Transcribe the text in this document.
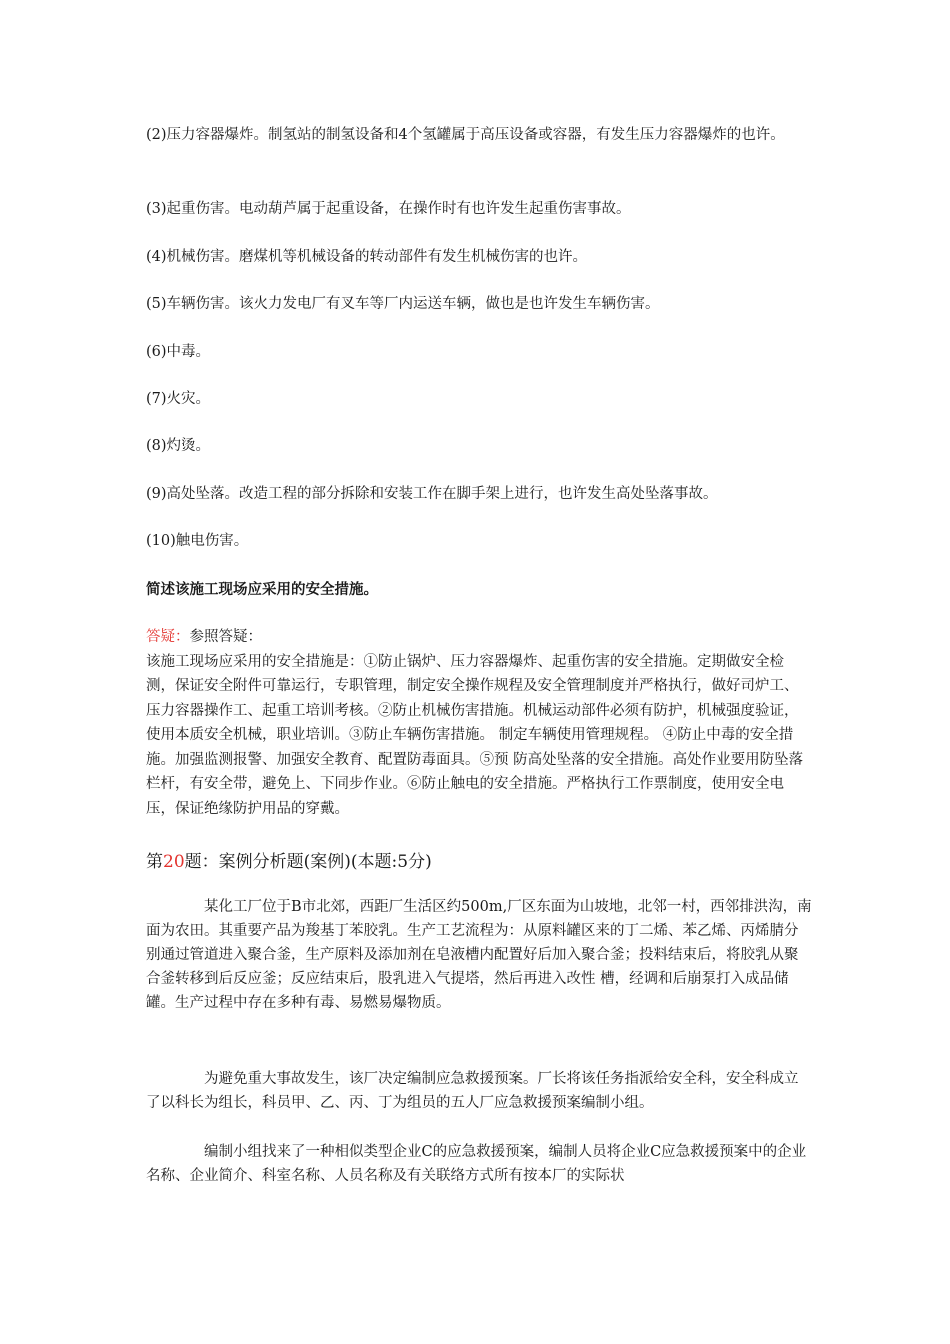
(2)压力容器爆炸。制氢站的制氢设备和4个氢罐属于高压设备或容器，有发生压力容器爆炸的也许。

(3)起重伤害。电动葫芦属于起重设备，在操作时有也许发生起重伤害事故。

(4)机械伤害。磨煤机等机械设备的转动部件有发生机械伤害的也许。

(5)车辆伤害。该火力发电厂有叉车等厂内运送车辆，做也是也许发生车辆伤害。

(6)中毒。

(7)火灾。

(8)灼烫。

(9)高处坠落。改造工程的部分拆除和安装工作在脚手架上进行，也许发生高处坠落事故。

(10)触电伤害。

简述该施工现场应采用的安全措施。

答疑：参照答疑：
该施工现场应采用的安全措施是：①防止锅炉、压力容器爆炸、起重伤害的安全措施。定期做安全检测，保证安全附件可靠运行，专职管理，制定安全操作规程及安全管理制度并严格执行，做好司炉工、 压力容器操作工、起重工培训考核。②防止机械伤害措施。机械运动部件必须有防护，机械强度验证，使用本质安全机械，职业培训。③防止车辆伤害措施。 制定车辆使用管理规程。 ④防止中毒的安全措施。加强监测报警、加强安全教育、配置防毒面具。⑤预 防高处坠落的安全措施。高处作业要用防坠落栏杆，有安全带，避免上、下同步作业。⑥防止触电的安全措施。严格执行工作票制度，使用安全电压，保证绝缘防护用品的穿戴。

第20题：案例分析题(案例)(本题:5分)

某化工厂位于B市北郊，西距厂生活区约500m,厂区东面为山坡地，北邻一村，西邻排洪沟，南面为农田。其重要产品为羧基丁苯胶乳。生产工艺流程为：从原料罐区来的丁二烯、苯乙烯、丙烯腈分别通过管道进入聚合釜，生产原料及添加剂在皂液槽内配置好后加入聚合釜；投料结束后，将胶乳从聚合釜转移到后反应釜；反应结束后，股乳进入气提塔，然后再进入改性 槽，经调和后崩泵打入成品储罐。生产过程中存在多种有毒、易燃易爆物质。

为避免重大事故发生，该厂决定编制应急救援预案。厂长将该任务指派给安全科，安全科成立了以科长为组长，科员甲、乙、丙、丁为组员的五人厂应急救援预案编制小组。

编制小组找来了一种相似类型企业C的应急救援预案，编制人员将企业C应急救援预案中的企业名称、企业简介、科室名称、人员名称及有关联络方式所有按本厂的实际状
